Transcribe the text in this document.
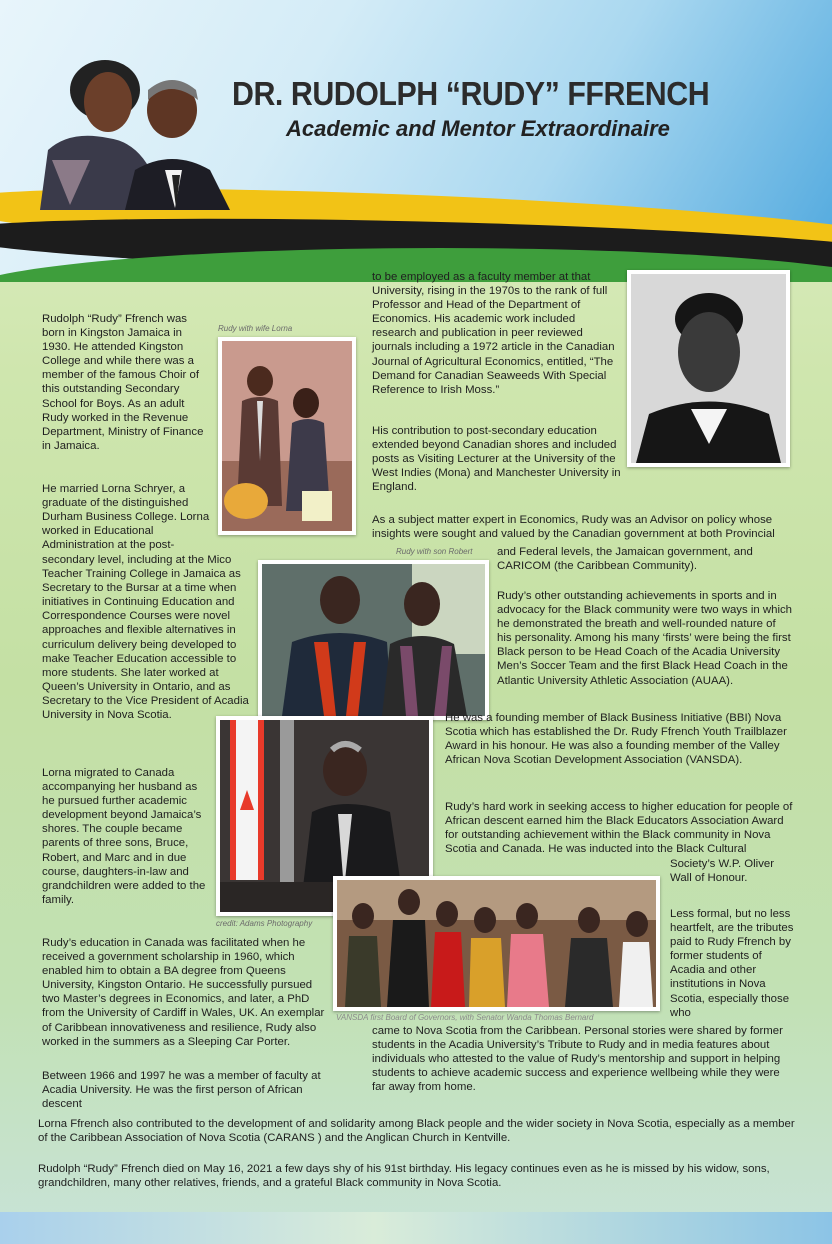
DR. RUDOLPH “RUDY” FFRENCH
Academic and Mentor Extraordinaire

Rudolph “Rudy” Ffrench was born in Kingston Jamaica in 1930. He attended Kingston College and while there was a member of the famous Choir of this outstanding Secondary School for Boys. As an adult Rudy worked in the Revenue Department, Ministry of Finance in Jamaica.

He married Lorna Schryer, a graduate of the distinguished Durham Business College. Lorna worked in Educational Administration at the post-

secondary level, including at the Mico Teacher Training College in Jamaica as Secretary to the Bursar at a time when initiatives in Continuing Education and Correspondence Courses were novel approaches and flexible alternatives in curriculum delivery being developed to make Teacher Education accessible to more students. She later worked at Queen’s University in Ontario, and as Secretary to the Vice President of Acadia University in Nova Scotia.

Lorna migrated to Canada accompanying her husband as he pursued further academic development beyond Jamaica’s shores. The couple became parents of three sons, Bruce, Robert, and Marc and in due course, daughters-in-law and grandchildren were added to the family.

Rudy’s education in Canada was facilitated when he received a government scholarship in 1960, which enabled him to obtain a BA degree from Queens University, Kingston Ontario. He successfully pursued two Master’s degrees in Economics, and later, a PhD from the University of Cardiff in Wales, UK. An exemplar of Caribbean innovativeness and resilience, Rudy also worked in the summers as a Sleeping Car Porter.

Between 1966 and 1997 he was a member of faculty at Acadia University. He was the first person of African descent

Rudy with wife Lorna

to be employed as a faculty member at that University, rising in the 1970s to the rank of full Professor and Head of the Department of Economics. His academic work included research and publication in peer reviewed journals including a 1972 article in the Canadian Journal of Agricultural Economics, entitled, “The Demand for Canadian Seaweeds With Special Reference to Irish Moss.”

His contribution to post-secondary education extended beyond Canadian shores and included posts as Visiting Lecturer at the University of the West Indies (Mona) and Manchester University in England.

As a subject matter expert in Economics, Rudy was an Advisor on policy whose insights were sought and valued by the Canadian government at both Provincial

Rudy with son Robert and Federal levels, the Jamaican government, and CARICOM (the Caribbean Community).

Rudy’s other outstanding achievements in sports and in advocacy for the Black community were two ways in which he demonstrated the breath and well-rounded nature of his personality. Among his many ‘firsts’ were being the first Black person to be Head Coach of the Acadia University Men’s Soccer Team and the first Black Head Coach in the Atlantic University Athletic Association (AUAA).

He was a founding member of Black Business Initiative (BBI) Nova Scotia which has established the Dr. Rudy Ffrench Youth Trailblazer Award in his honour. He was also a founding member of the Valley African Nova Scotian Development Association (VANSDA).

credit: Adams Photography

Rudy’s hard work in seeking access to higher education for people of African descent earned him the Black Educators Association Award for outstanding achievement within the Black community in Nova Scotia and Canada. He was inducted into the Black Cultural

Society’s W.P. Oliver Wall of Honour.

VANSDA first Board of Governors, with Senator Wanda Thomas Bernard

Less formal, but no less heartfelt, are the tributes paid to Rudy Ffrench by former students of Acadia and other institutions in Nova Scotia, especially those who

came to Nova Scotia from the Caribbean. Personal stories were shared by former students in the Acadia University’s Tribute to Rudy and in media features about individuals who attested to the value of Rudy’s mentorship and support in helping students to achieve academic success and experience wellbeing while they were far away from home.

Lorna Ffrench also contributed to the development of and solidarity among Black people and the wider society in Nova Scotia, especially as a member of the Caribbean Association of Nova Scotia (CARANS ) and the Anglican Church in Kentville.

Rudolph “Rudy” Ffrench died on May 16, 2021 a few days shy of his 91st birthday. His legacy continues even as he is missed by his widow, sons, grandchildren, many other relatives, friends, and a grateful Black community in Nova Scotia.
